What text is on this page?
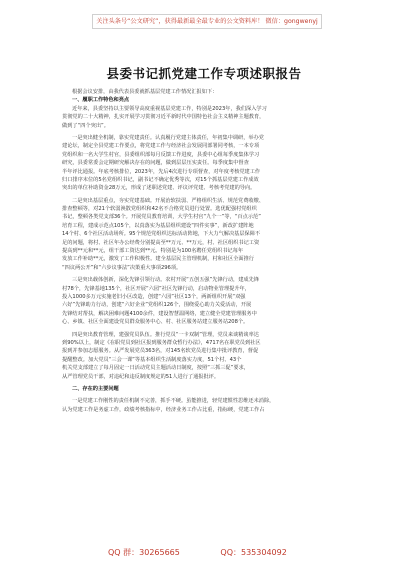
关注头条号“公文研究”，获得最新最全最专业的公文资料库！ 微信：gongwenyj
县委书记抓党建工作专项述职报告
根据会议安排，由我代表县委就抓基层党建工作情况汇报如下：
一、履职工作特色和亮点
近年来，县委坚持以主要领导高度重视基层党建工作，特别是2023年，我们深入学习
贯彻党的二十大精神，扎实开展学习贯彻习近平新时代中国特色社会主义精神主题教育，
做到了“四个突出”。
一是突出健全机制，靠实党建责任。认真履行党建主体责任，年初集中调研，举办党
建论坛，制定全县党建工作要点，将党建工作与经济社会发展同部署同考核，一本专项
党组织和一名大学生村官，县委组织部每月反馈工作进度，县委中心组每季度集体学习
研究，县委常委会定期研究解决存在的问题，做到层层压实责任。每季度集中督查
半年评比通报。年底考核排位，2023年，先后4次进行专项督查，对年度考核党建工作
归口排序末位的5名党组织书记，副书记不确定优秀等次，对15个抓基层党建工作成效
突出的单位补助资金28万元，形成了述职述党建、评议评党建、考核考党建的导向。
二是突出基层重点，夯实党建基础。开展治软扶弱、严格组织生活、规范党费收缴、
排查整顿等，对21个软弱涣散党组织和42名不合格党员进行处置。选优配强村党组织
书记，整顿各类党支部36个。开展党员教育培训，大学生村官“九个一”等，“百点示范”
培育工程，建成示范点105个，以真落实为基层组织建设“四件实事”，新改扩建阵地
14个村、6个社区活动场所。95个规范党组织达标活动阵地，下大力气解决基层保障不
足的问题，将村、社区年办公经费分别提高至**万元、**万元，村、社区组织书记工资
提高到**元和**元，组干部工资达到**元。特别是为100名聘任党组织书记每年
发放工作补助**元，激发了工作积极性。建全基层民主管理机制，村和社区全面推行
“四议两公开”和“六步议事法”决策重大事项296项。
三是突出载体创新，深化先锋引领行动。农村开展“五创五强”先锋行动，建成先锋
村78个，先锋基地135个，社区开展“六园”社区先锋行动，启动物业管理提升年，
投入1000多万元实施老旧小区改造，创建“六园”社区13个，两新组织开展“双强
六好”先锋助力行动，创建“六好企业”党组织126个，围绕爱心助力关爱活动，开展
先锋结对帮扶，解决困难问题4100余件，建设智慧温网络，建立健全党建管理服务中
心、乡镇、社区全面建设党员群众服务中心、村、社区服务站建立服务站208个。
四是突出教育管理，建强党员队伍。推行党员“一卡双制”管理，党员来谈精谈率达
到90%以上，制定《在职党员到社区报到服务群众暂行办法》，4717名在职党员到社区
报到并参加志愿服务。从严发展党员363名，对145名软党员进行集中批评教育，督促
提醒整改。加大党员“三会一课”等基本组织生活制度落实力度，51个村、43个
机关党支部建立了每月固定一日活动党员主题活动日制度，按照“三抓三促”要求，
从严管理党员干部，对违纪和违反制度规定的51人进行了通报批评。
二、存在的主要问题
一是党建工作刚性的责任机制不完善，抓手不硬。虽能推进，轻党建惯性思维还未消除，
认为党建工作是务虚工作，政绩考核指标中，经济业务工作占比重，指标硬，党建工作占
QQ 群：30265665	QQ：535304092
